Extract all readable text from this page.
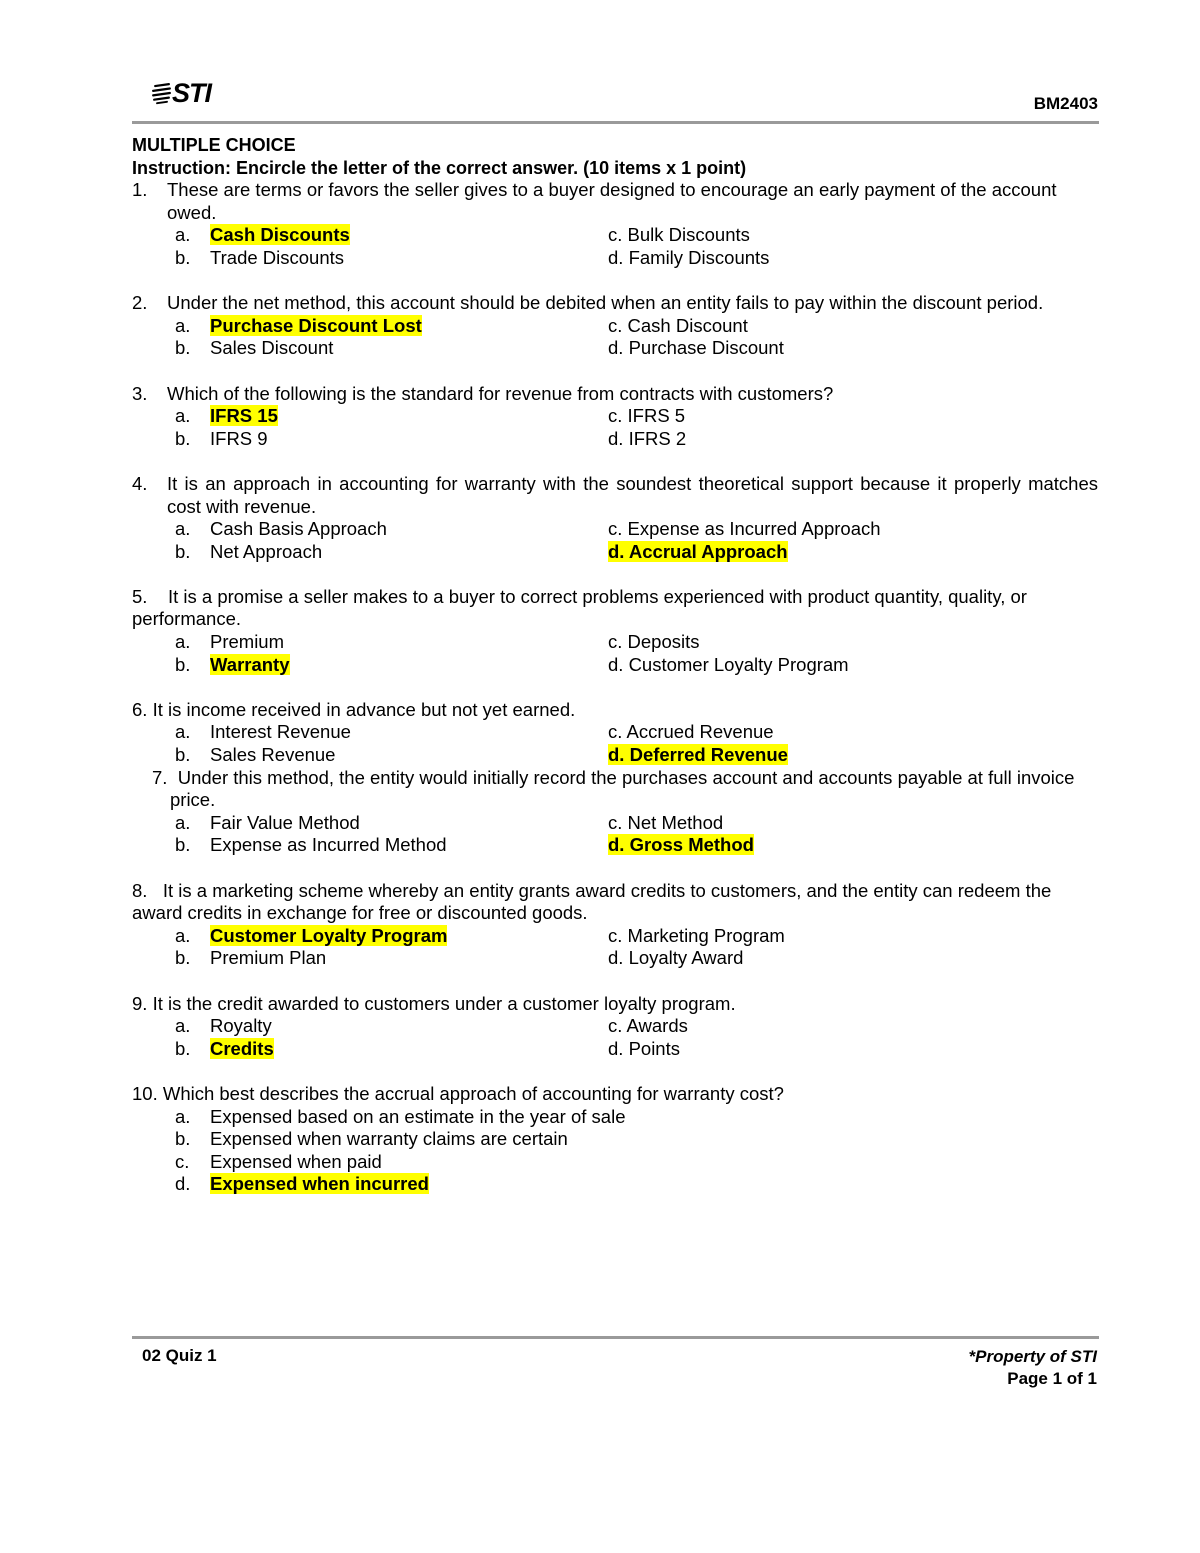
STI	BM2403
MULTIPLE CHOICE
Instruction: Encircle the letter of the correct answer. (10 items x 1 point)
1.	These are terms or favors the seller gives to a buyer designed to encourage an early payment of the account owed.
a. Cash Discounts	c. Bulk Discounts
b. Trade Discounts	d. Family Discounts
2.	Under the net method, this account should be debited when an entity fails to pay within the discount period.
a. Purchase Discount Lost	c. Cash Discount
b. Sales Discount	d. Purchase Discount
3.	Which of the following is the standard for revenue from contracts with customers?
a. IFRS 15	c. IFRS 5
b. IFRS 9	d. IFRS 2
4.	It is an approach in accounting for warranty with the soundest theoretical support because it properly matches cost with revenue.
a. Cash Basis Approach	c. Expense as Incurred Approach
b. Net Approach	d. Accrual Approach
5. It is a promise a seller makes to a buyer to correct problems experienced with product quantity, quality, or performance.
a. Premium	c. Deposits
b. Warranty	d. Customer Loyalty Program
6. It is income received in advance but not yet earned.
a. Interest Revenue	c. Accrued Revenue
b. Sales Revenue	d. Deferred Revenue
7. Under this method, the entity would initially record the purchases account and accounts payable at full invoice price.
a. Fair Value Method	c. Net Method
b. Expense as Incurred Method	d. Gross Method
8. It is a marketing scheme whereby an entity grants award credits to customers, and the entity can redeem the award credits in exchange for free or discounted goods.
a. Customer Loyalty Program	c. Marketing Program
b. Premium Plan	d. Loyalty Award
9. It is the credit awarded to customers under a customer loyalty program.
a. Royalty	c. Awards
b. Credits	d. Points
10. Which best describes the accrual approach of accounting for warranty cost?
a. Expensed based on an estimate in the year of sale
b. Expensed when warranty claims are certain
c. Expensed when paid
d. Expensed when incurred
02 Quiz 1	*Property of STI
Page 1 of 1
